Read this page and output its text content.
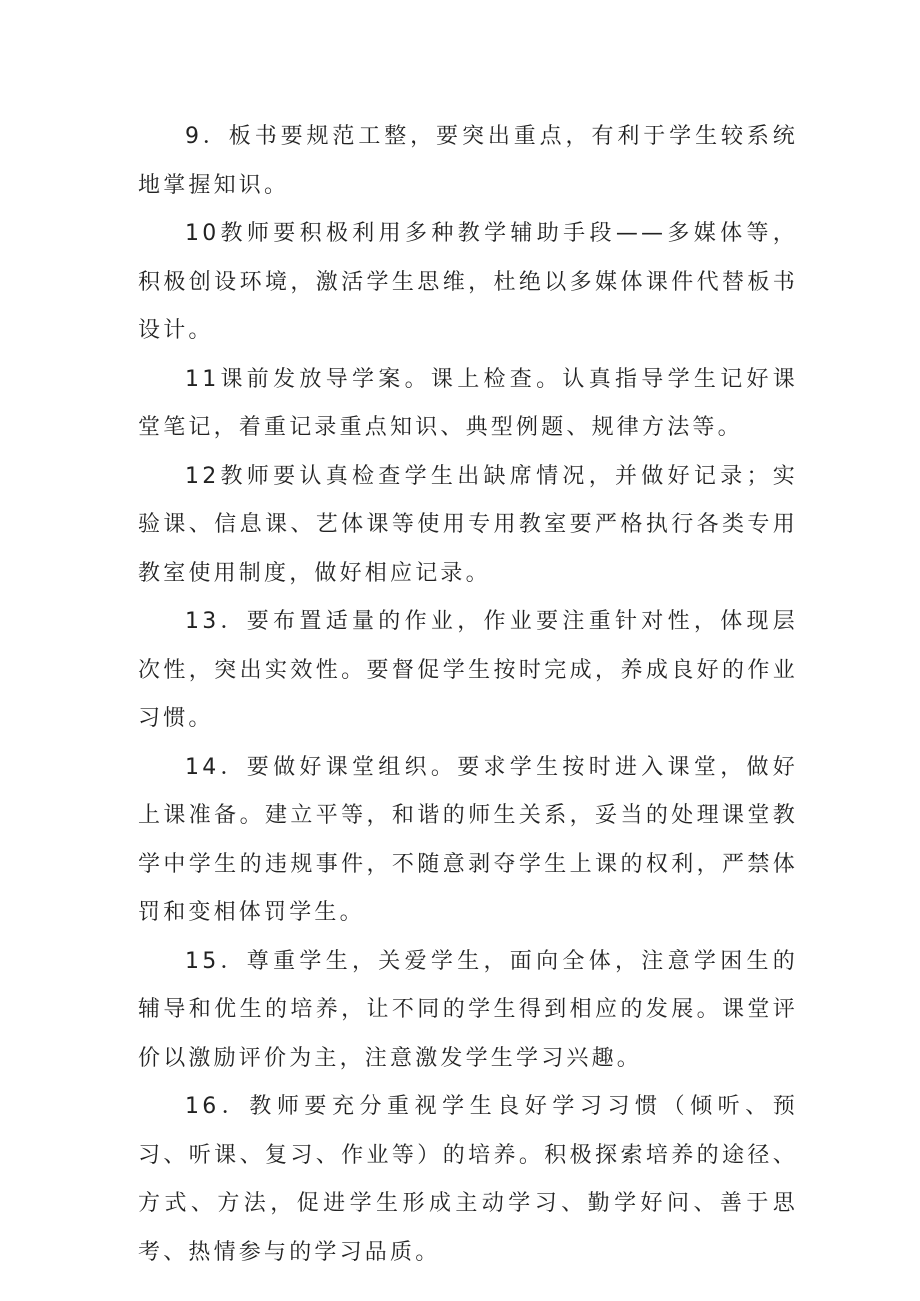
9．板书要规范工整，要突出重点，有利于学生较系统地掌握知识。

10教师要积极利用多种教学辅助手段——多媒体等，积极创设环境，激活学生思维，杜绝以多媒体课件代替板书设计。

11课前发放导学案。课上检查。认真指导学生记好课堂笔记，着重记录重点知识、典型例题、规律方法等。

12教师要认真检查学生出缺席情况，并做好记录；实验课、信息课、艺体课等使用专用教室要严格执行各类专用教室使用制度，做好相应记录。

13．要布置适量的作业，作业要注重针对性，体现层次性，突出实效性。要督促学生按时完成，养成良好的作业习惯。

14．要做好课堂组织。要求学生按时进入课堂，做好上课准备。建立平等，和谐的师生关系，妥当的处理课堂教学中学生的违规事件，不随意剥夺学生上课的权利，严禁体罚和变相体罚学生。

15．尊重学生，关爱学生，面向全体，注意学困生的辅导和优生的培养，让不同的学生得到相应的发展。课堂评价以激励评价为主，注意激发学生学习兴趣。

16．教师要充分重视学生良好学习习惯（倾听、预习、听课、复习、作业等）的培养。积极探索培养的途径、方式、方法，促进学生形成主动学习、勤学好问、善于思考、热情参与的学习品质。
